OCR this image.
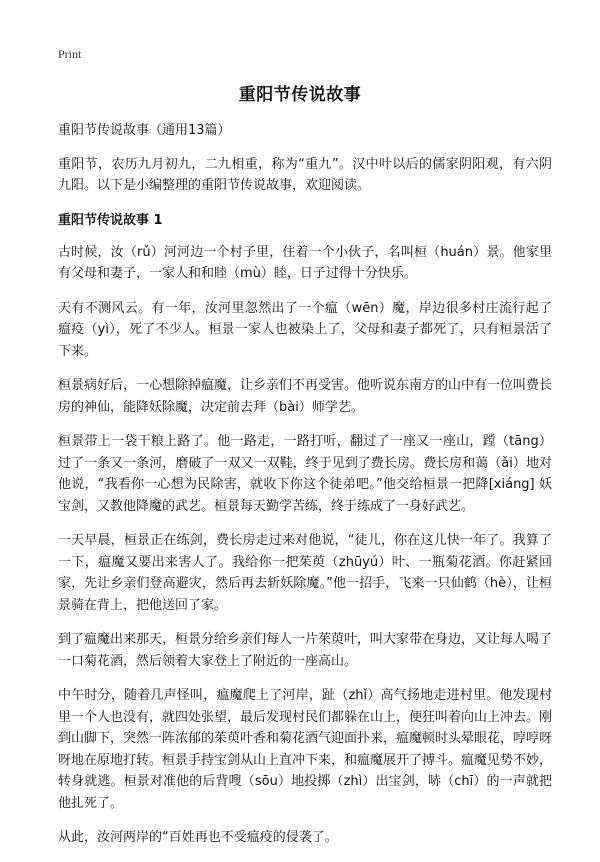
Print
重阳节传说故事

重阳节传说故事（通用13篇）

重阳节，农历九月初九，二九相重，称为“重九”。汉中叶以后的儒家阴阳观，有六阴九阳。以下是小编整理的重阳节传说故事，欢迎阅读。

重阳节传说故事 1

古时候，汝（rǔ）河河边一个村子里，住着一个小伙子，名叫桓（huán）景。他家里有父母和妻子，一家人和和睦（mù）睦，日子过得十分快乐。

天有不测风云。有一年，汝河里忽然出了一个瘟（wēn）魔，岸边很多村庄流行起了瘟疫（yì），死了不少人。桓景一家人也被染上了，父母和妻子都死了，只有桓景活了下来。

桓景病好后，一心想除掉瘟魔，让乡亲们不再受害。他听说东南方的山中有一位叫费长房的神仙，能降妖除魔，决定前去拜（bài）师学艺。

桓景带上一袋干粮上路了。他一路走，一路打听，翻过了一座又一座山，蹚（tāng）过了一条又一条河，磨破了一双又一双鞋，终于见到了费长房。费长房和蔼（ǎi）地对他说，“我看你一心想为民除害，就收下你这个徒弟吧。”他交给桓景一把降[xiáng] 妖宝剑，又教他降魔的武艺。桓景每天勤学苦练，终于练成了一身好武艺。

一天早晨，桓景正在练剑，费长房走过来对他说，“徒儿，你在这儿快一年了。我算了一下，瘟魔又要出来害人了。我给你一把茱萸（zhūyú）叶、一瓶菊花酒。你赶紧回家，先让乡亲们登高避灾，然后再去斩妖除魔。”他一招手，飞来一只仙鹤（hè），让桓景骑在背上，把他送回了家。

到了瘟魔出来那天，桓景分给乡亲们每人一片茱萸叶，叫大家带在身边，又让每人喝了一口菊花酒，然后领着大家登上了附近的一座高山。

中午时分，随着几声怪叫，瘟魔爬上了河岸，趾（zhǐ）高气扬地走进村里。他发现村里一个人也没有，就四处张望，最后发现村民们都躲在山上，便狂叫着向山上冲去。刚到山脚下，突然一阵浓郁的茱萸叶香和菊花酒气迎面扑来，瘟魔顿时头晕眼花，哼哼呀呀地在原地打转。桓景手持宝剑从山上直冲下来，和瘟魔展开了搏斗。瘟魔见势不妙，转身就逃。桓景对准他的后背嗖（sōu）地投掷（zhì）出宝剑，哧（chī）的一声就把他扎死了。

从此，汝河两岸的“百姓再也不受瘟疫的侵袭了。
